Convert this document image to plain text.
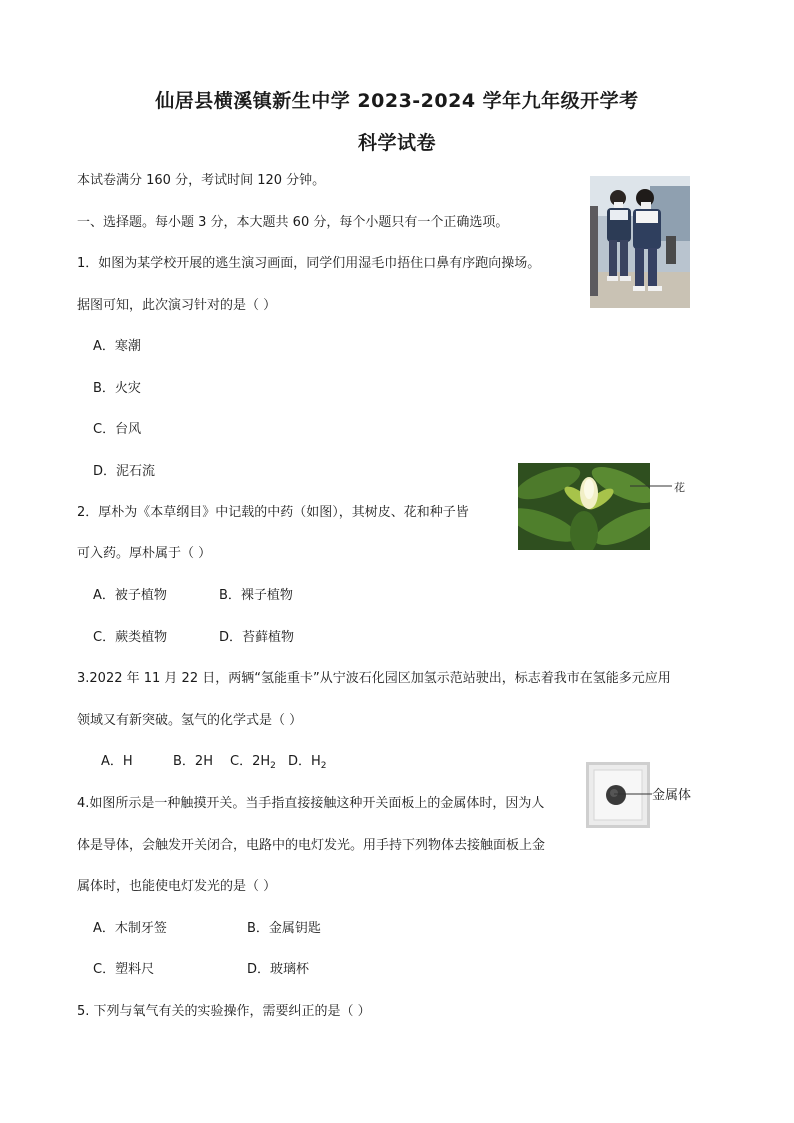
仙居县横溪镇新生中学 2023-2024 学年九年级开学考
科学试卷
本试卷满分 160 分，考试时间 120 分钟。
一、选择题。每小题 3 分，本大题共 60 分，每个小题只有一个正确选项。
1．如图为某学校开展的逃生演习画面，同学们用湿毛巾捂住口鼻有序跑向操场。
据图可知，此次演习针对的是（ ）
A．寒潮
B．火灾
C．台风
D．泥石流
花
2．厚朴为《本草纲目》中记载的中药（如图），其树皮、花和种子皆
可入药。厚朴属于（ ）
A．被子植物	B．裸子植物
C．蕨类植物	D．苔藓植物
3.2022 年 11 月 22 日，两辆“氢能重卡”从宁波石化园区加氢示范站驶出，标志着我市在氢能多元应用
领域又有新突破。氢气的化学式是（ ）
A．H	B．2H C．$2H_2$ D．$H_2$
金属体
4.如图所示是一种触摸开关。当手指直接接触这种开关面板上的金属体时，因为人
体是导体，会触发开关闭合，电路中的电灯发光。用手持下列物体去接触面板上金
属体时，也能使电灯发光的是（ ）
A．木制牙签	B．金属钥匙
C．塑料尺	D．玻璃杯
5. 下列与氧气有关的实验操作，需要纠正的是（ ）
